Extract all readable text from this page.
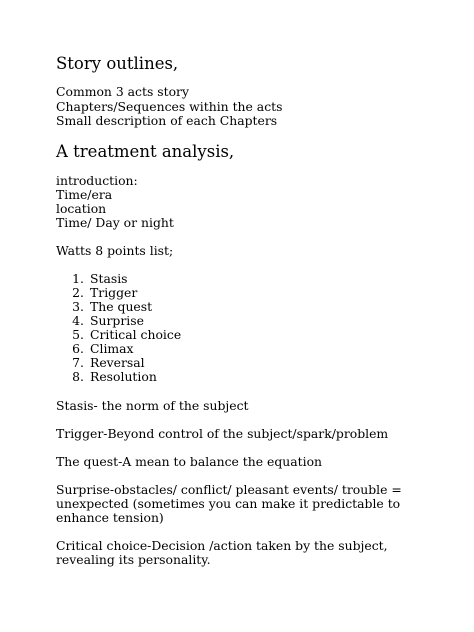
Story outlines,
Common 3 acts story
Chapters/Sequences within the acts
Small description of each Chapters
A treatment analysis,
introduction:
Time/era
location
Time/ Day or night
Watts 8 points list;
1. Stasis
2. Trigger
3. The quest
4. Surprise
5. Critical choice
6. Climax
7. Reversal
8. Resolution
Stasis- the norm of the subject
Trigger-Beyond control of the subject/spark/problem
The quest-A mean to balance the equation
Surprise-obstacles/ conflict/ pleasant events/ trouble = unexpected (sometimes you can make it predictable to enhance tension)
Critical choice-Decision /action taken by the subject, revealing its personality.
